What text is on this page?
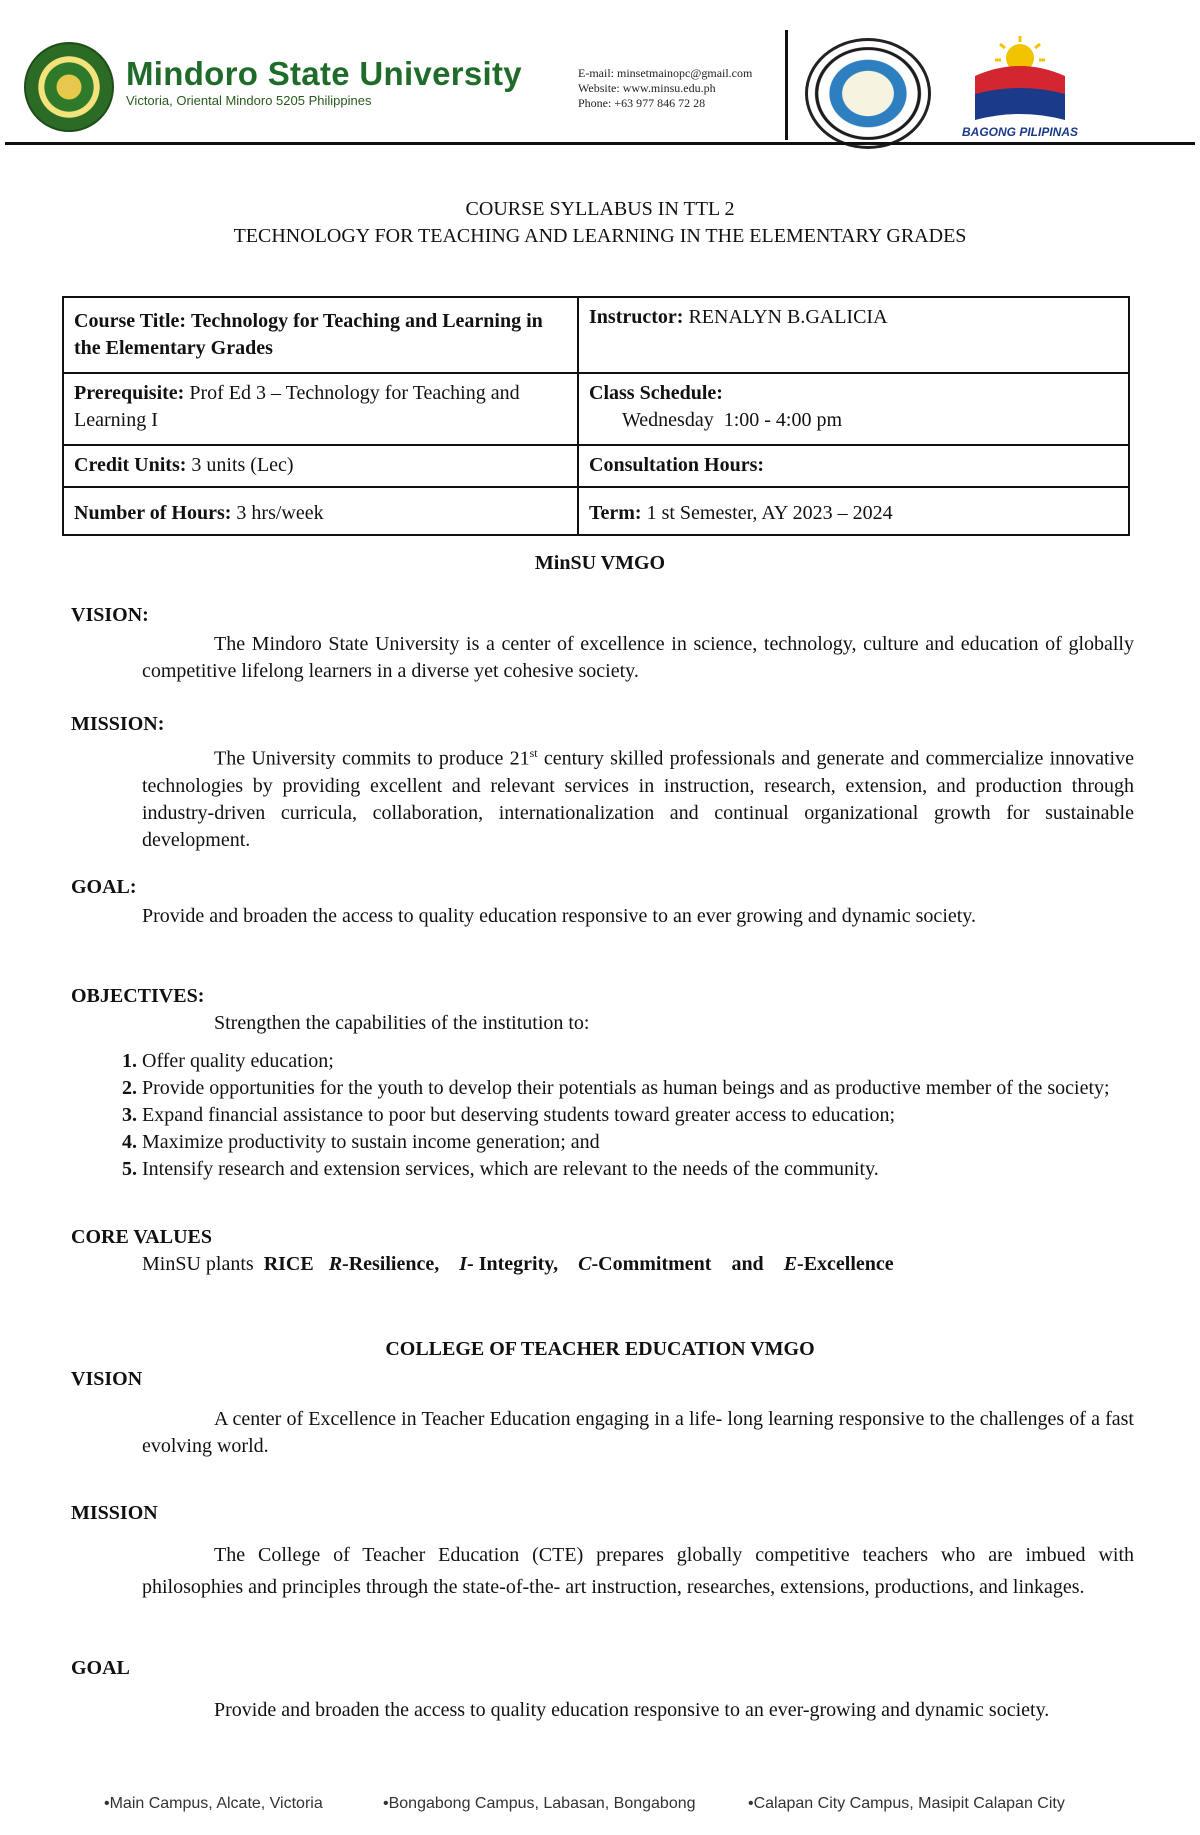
Mindoro State University
Victoria, Oriental Mindoro 5205 Philippines
E-mail: minsetmainopc@gmail.com
Website: www.minsu.edu.ph
Phone: +63 977 846 72 28
BAGONG PILIPINAS
COURSE SYLLABUS IN TTL 2
TECHNOLOGY FOR TEACHING AND LEARNING IN THE ELEMENTARY GRADES
Course Title: Technology for Teaching and Learning in the Elementary Grades	Instructor: RENALYN B.GALICIA
Prerequisite: Prof Ed 3 – Technology for Teaching and Learning I	Class Schedule:
Wednesday  1:00 - 4:00 pm

Credit Units: 3 units (Lec)	Consultation Hours:
Number of Hours: 3 hrs/week	Term: 1 st Semester, AY 2023 – 2024
MinSU VMGO
VISION:
The Mindoro State University is a center of excellence in science, technology, culture and education of globally competitive lifelong learners in a diverse yet cohesive society.
MISSION:
The University commits to produce 21st century skilled professionals and generate and commercialize innovative technologies by providing excellent and relevant services in instruction, research, extension, and production through industry-driven curricula, collaboration, internationalization and continual organizational growth for sustainable development.
GOAL:
Provide and broaden the access to quality education responsive to an ever growing and dynamic society.
OBJECTIVES:
Strengthen the capabilities of the institution to:
1. Offer quality education;
2. Provide opportunities for the youth to develop their potentials as human beings and as productive member of the society;
3. Expand financial assistance to poor but deserving students toward greater access to education;
4. Maximize productivity to sustain income generation; and
5. Intensify research and extension services, which are relevant to the needs of the community.
CORE VALUES
MinSU plants RICE R-Resilience, I- Integrity, C-Commitment and E-Excellence
COLLEGE OF TEACHER EDUCATION VMGO
VISION
A center of Excellence in Teacher Education engaging in a life- long learning responsive to the challenges of a fast evolving world.
MISSION
The College of Teacher Education (CTE) prepares globally competitive teachers who are imbued with philosophies and principles through the state-of-the- art instruction, researches, extensions, productions, and linkages.
GOAL
Provide and broaden the access to quality education responsive to an ever-growing and dynamic society.
•Main Campus, Alcate, Victoria	•Bongabong Campus, Labasan, Bongabong	•Calapan City Campus, Masipit Calapan City
